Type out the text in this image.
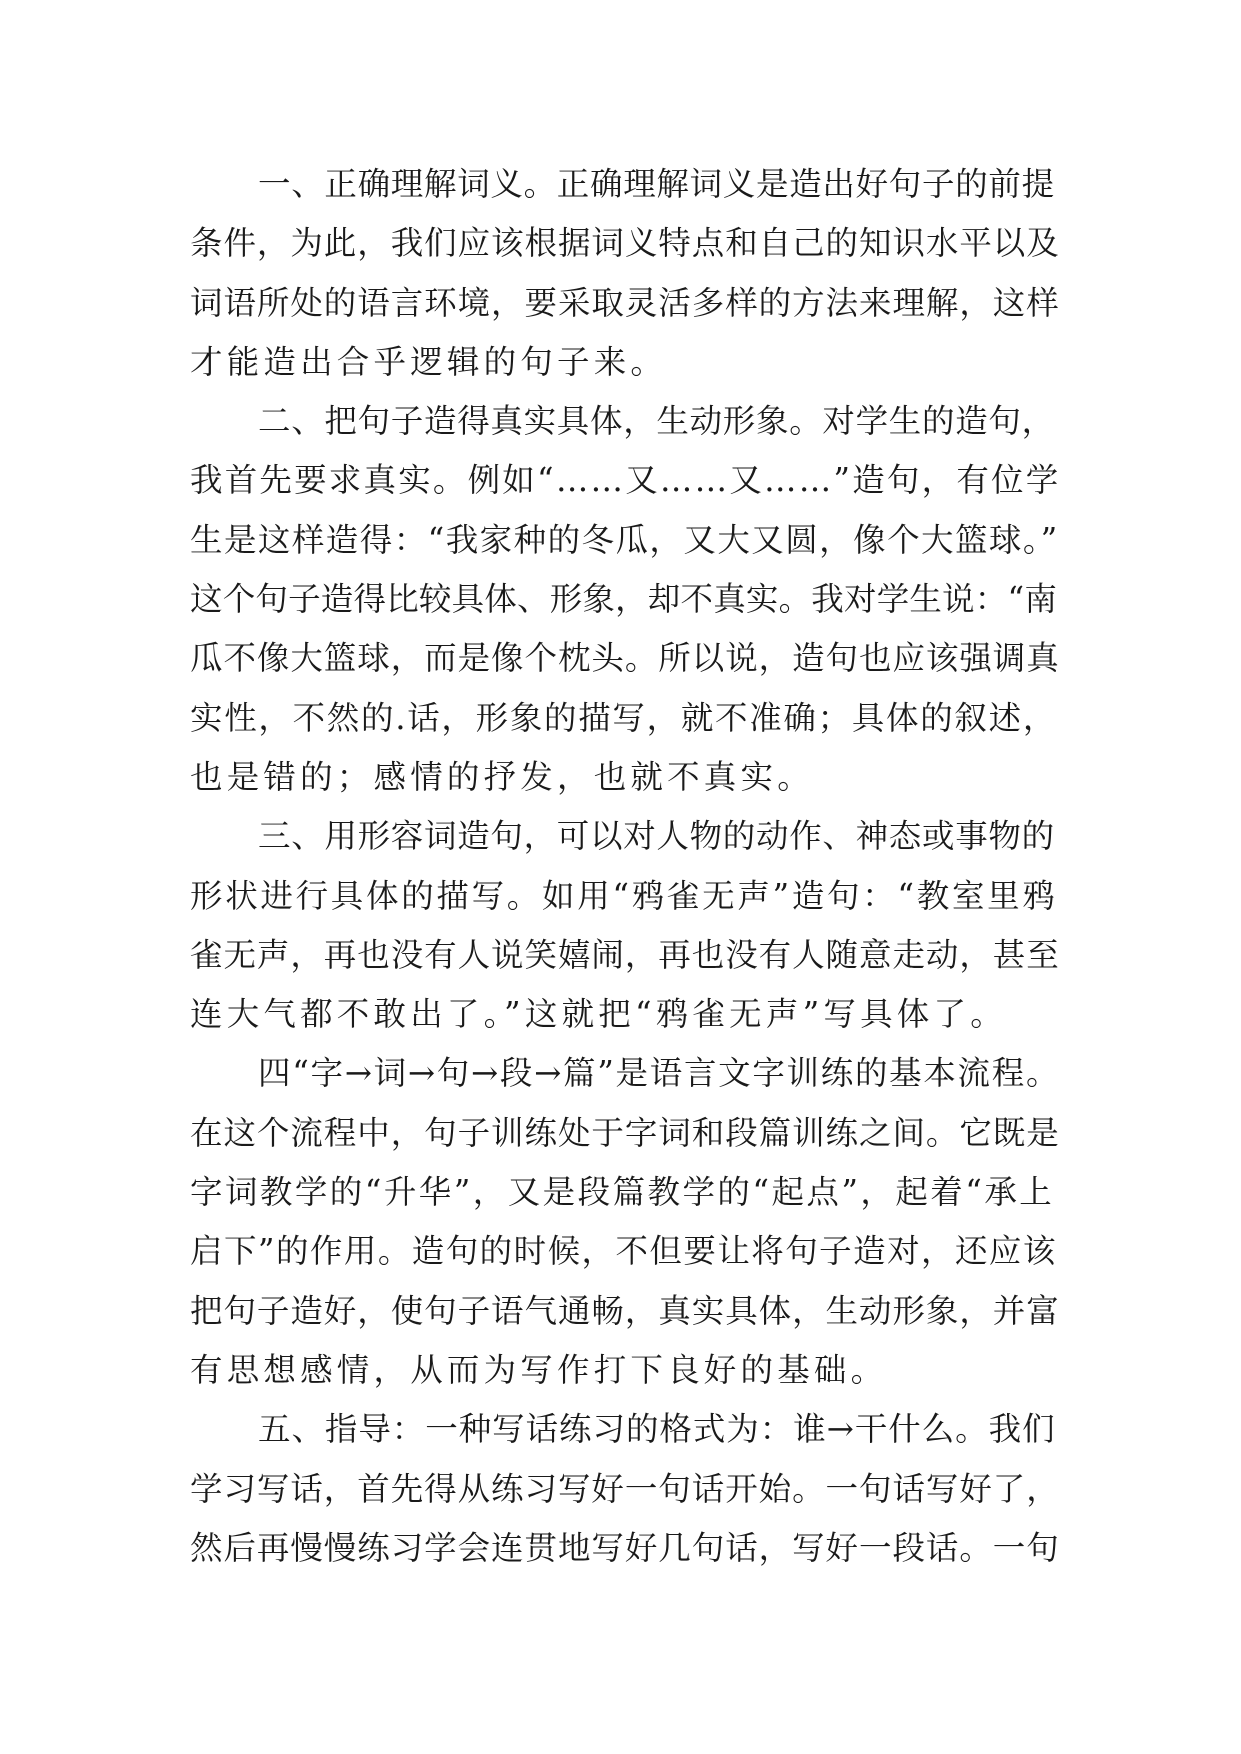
一、正确理解词义。正确理解词义是造出好句子的前提
条件，为此，我们应该根据词义特点和自己的知识水平以及
词语所处的语言环境，要采取灵活多样的方法来理解，这样
才能造出合乎逻辑的句子来。
二、把句子造得真实具体，生动形象。对学生的造句，
我首先要求真实。例如“……又……又……”造句，有位学
生是这样造得：“我家种的冬瓜，又大又圆，像个大篮球。”
这个句子造得比较具体、形象，却不真实。我对学生说：“南
瓜不像大篮球，而是像个枕头。所以说，造句也应该强调真
实性，不然的.话，形象的描写，就不准确；具体的叙述，
也是错的；感情的抒发，也就不真实。
三、用形容词造句，可以对人物的动作、神态或事物的
形状进行具体的描写。如用“鸦雀无声”造句：“教室里鸦
雀无声，再也没有人说笑嬉闹，再也没有人随意走动，甚至
连大气都不敢出了。”这就把“鸦雀无声”写具体了。
四“字→词→句→段→篇”是语言文字训练的基本流程。
在这个流程中，句子训练处于字词和段篇训练之间。它既是
字词教学的“升华”，又是段篇教学的“起点”，起着“承上
启下”的作用。造句的时候，不但要让将句子造对，还应该
把句子造好，使句子语气通畅，真实具体，生动形象，并富
有思想感情，从而为写作打下良好的基础。
五、指导：一种写话练习的格式为：谁→干什么。我们
学习写话，首先得从练习写好一句话开始。一句话写好了，
然后再慢慢练习学会连贯地写好几句话，写好一段话。一句
